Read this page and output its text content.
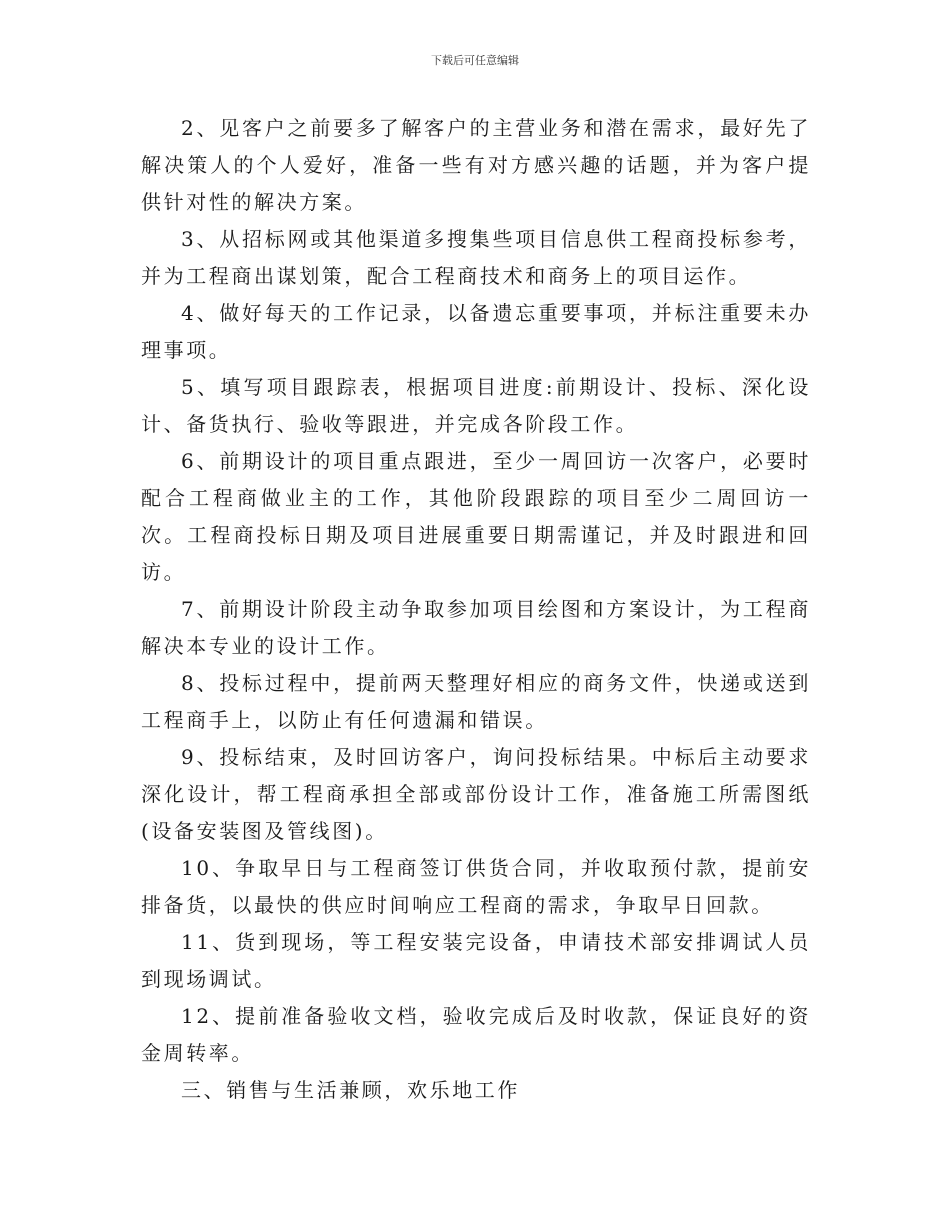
下载后可任意编辑

2、见客户之前要多了解客户的主营业务和潜在需求，最好先了解决策人的个人爱好，准备一些有对方感兴趣的话题，并为客户提供针对性的解决方案。

3、从招标网或其他渠道多搜集些项目信息供工程商投标参考，并为工程商出谋划策，配合工程商技术和商务上的项目运作。

4、做好每天的工作记录，以备遗忘重要事项，并标注重要未办理事项。

5、填写项目跟踪表，根据项目进度:前期设计、投标、深化设计、备货执行、验收等跟进，并完成各阶段工作。

6、前期设计的项目重点跟进，至少一周回访一次客户，必要时配合工程商做业主的工作，其他阶段跟踪的项目至少二周回访一次。工程商投标日期及项目进展重要日期需谨记，并及时跟进和回访。

7、前期设计阶段主动争取参加项目绘图和方案设计，为工程商解决本专业的设计工作。

8、投标过程中，提前两天整理好相应的商务文件，快递或送到工程商手上，以防止有任何遗漏和错误。

9、投标结束，及时回访客户，询问投标结果。中标后主动要求深化设计，帮工程商承担全部或部份设计工作，准备施工所需图纸(设备安装图及管线图)。

10、争取早日与工程商签订供货合同，并收取预付款，提前安排备货，以最快的供应时间响应工程商的需求，争取早日回款。

11、货到现场，等工程安装完设备，申请技术部安排调试人员到现场调试。

12、提前准备验收文档，验收完成后及时收款，保证良好的资金周转率。

三、销售与生活兼顾，欢乐地工作
